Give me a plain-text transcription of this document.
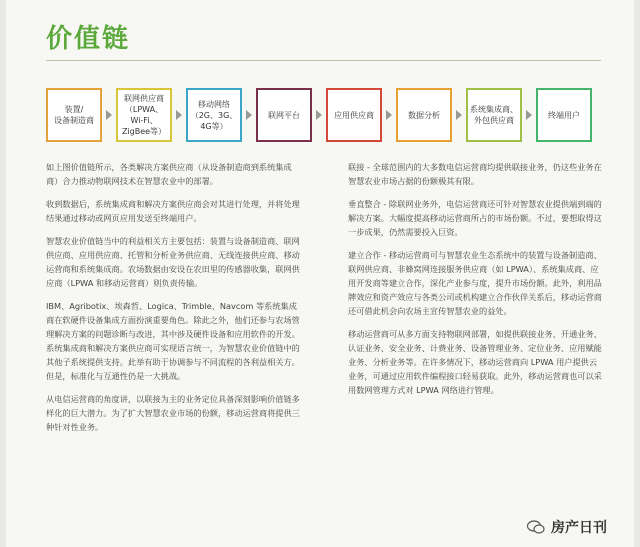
价值链
装置/
设备制造商
联网供应商
（LPWA、
Wi-Fi、
ZigBee等）
移动网络
（2G、3G、
4G等）
联网平台	应用供应商	数据分析
系统集成商、
外包供应商
终端用户

如上图价值链所示，各类解决方案供应商（从设备制造商到系统集成商）合力推动物联网技术在智慧农业中的部署。

收到数据后，系统集成商和解决方案供应商会对其进行处理，并将处理结果通过移动或网页应用发送至终端用户。

智慧农业价值链当中的利益相关方主要包括：装置与设备制造商、联网供应商、应用供应商、托管和分析业务供应商、无线连接供应商、移动运营商和系统集成商。农场数据由安设在农田里的传感器收集，联网供应商（LPWA 和移动运营商）则负责传输。

IBM、Agribotix、埃森哲、Logica、Trimble、Navcom 等系统集成商在软硬件设备集成方面扮演重要角色。除此之外，他们还参与农场管理解决方案的问题诊断与改进，其中涉及硬件设备和应用软件的开发。系统集成商和解决方案供应商可实现语言统一，为智慧农业价值链中的其他子系统提供支持。此举有助于协调参与不同流程的各利益相关方。但是，标准化与互通性仍是一大挑战。

从电信运营商的角度讲，以联接为主的业务定位具备深刻影响价值链多样化的巨大潜力。为了扩大智慧农业市场的份额，移动运营商将提供三种针对性业务。

联接 - 全球范围内的大多数电信运营商均提供联接业务，仍这些业务在智慧农业市场占据的份额极其有限。

垂直整合 - 除联网业务外，电信运营商还可针对智慧农业提供端到端的解决方案。大幅度提高移动运营商所占的市场份额。不过，要想取得这一步成果，仍然需要投入巨资。

建立合作 - 移动运营商可与智慧农业生态系统中的装置与设备制造商、联网供应商、非蜂窝网连接服务供应商（如 LPWA）、系统集成商、应用开发商等建立合作，深化产业参与度，提升市场份额。此外，利用品牌效应和资产效应与各类公司或机构建立合作伙伴关系后，移动运营商还可借此机会向农场主宣传智慧农业的益处。

移动运营商可从多方面支持物联网部署，如提供联接业务、开通业务、认证业务、安全业务、计费业务、设备管理业务、定位业务、应用赋能业务、分析业务等。在许多情况下，移动运营商向 LPWA 用户提供云业务，可通过应用软件编程接口轻易获取。此外，移动运营商也可以采用数网管理方式对 LPWA 网络进行管理。

房产日刊
